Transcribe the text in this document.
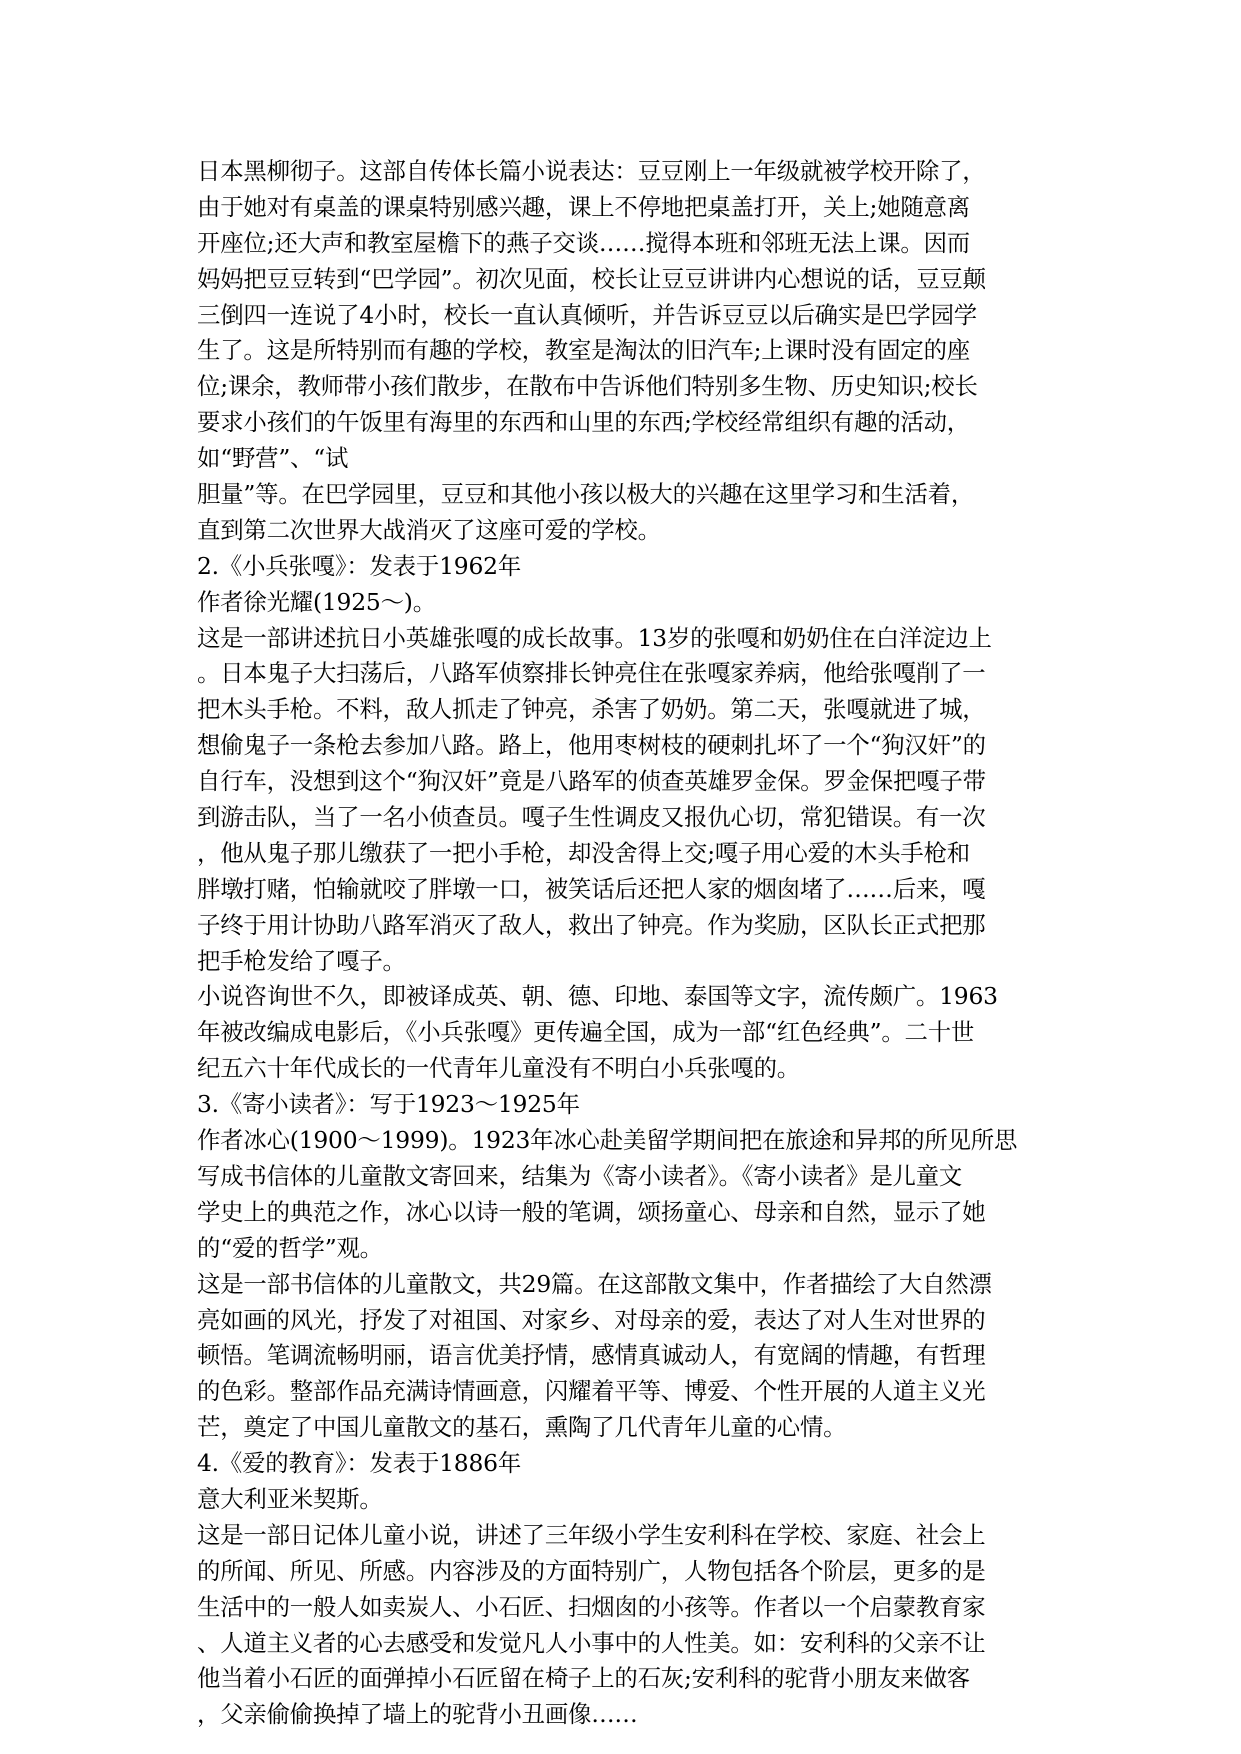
日本黑柳彻子。这部自传体长篇小说表达：豆豆刚上一年级就被学校开除了，
由于她对有桌盖的课桌特别感兴趣，课上不停地把桌盖打开，关上;她随意离
开座位;还大声和教室屋檐下的燕子交谈……搅得本班和邻班无法上课。因而
妈妈把豆豆转到“巴学园”。初次见面，校长让豆豆讲讲内心想说的话，豆豆颠
三倒四一连说了4小时，校长一直认真倾听，并告诉豆豆以后确实是巴学园学
生了。这是所特别而有趣的学校，教室是淘汰的旧汽车;上课时没有固定的座
位;课余，教师带小孩们散步，在散布中告诉他们特别多生物、历史知识;校长
要求小孩们的午饭里有海里的东西和山里的东西;学校经常组织有趣的活动，
如“野营”、“试
胆量”等。在巴学园里，豆豆和其他小孩以极大的兴趣在这里学习和生活着，
直到第二次世界大战消灭了这座可爱的学校。
2.《小兵张嘎》：发表于1962年
作者徐光耀(1925～)。
这是一部讲述抗日小英雄张嘎的成长故事。13岁的张嘎和奶奶住在白洋淀边上
。日本鬼子大扫荡后，八路军侦察排长钟亮住在张嘎家养病，他给张嘎削了一
把木头手枪。不料，敌人抓走了钟亮，杀害了奶奶。第二天，张嘎就进了城，
想偷鬼子一条枪去参加八路。路上，他用枣树枝的硬刺扎坏了一个“狗汉奸”的
自行车，没想到这个“狗汉奸”竟是八路军的侦查英雄罗金保。罗金保把嘎子带
到游击队，当了一名小侦查员。嘎子生性调皮又报仇心切，常犯错误。有一次
，他从鬼子那儿缴获了一把小手枪，却没舍得上交;嘎子用心爱的木头手枪和
胖墩打赌，怕输就咬了胖墩一口，被笑话后还把人家的烟囱堵了……后来，嘎
子终于用计协助八路军消灭了敌人，救出了钟亮。作为奖励，区队长正式把那
把手枪发给了嘎子。
小说咨询世不久，即被译成英、朝、德、印地、泰国等文字，流传颇广。1963
年被改编成电影后，《小兵张嘎》更传遍全国，成为一部“红色经典”。二十世
纪五六十年代成长的一代青年儿童没有不明白小兵张嘎的。
3.《寄小读者》：写于1923～1925年
作者冰心(1900～1999)。1923年冰心赴美留学期间把在旅途和异邦的所见所思
写成书信体的儿童散文寄回来，结集为《寄小读者》。《寄小读者》是儿童文
学史上的典范之作，冰心以诗一般的笔调，颂扬童心、母亲和自然，显示了她
的“爱的哲学”观。
这是一部书信体的儿童散文，共29篇。在这部散文集中，作者描绘了大自然漂
亮如画的风光，抒发了对祖国、对家乡、对母亲的爱，表达了对人生对世界的
顿悟。笔调流畅明丽，语言优美抒情，感情真诚动人，有宽阔的情趣，有哲理
的色彩。整部作品充满诗情画意，闪耀着平等、博爱、个性开展的人道主义光
芒，奠定了中国儿童散文的基石，熏陶了几代青年儿童的心情。
4.《爱的教育》：发表于1886年
意大利亚米契斯。
这是一部日记体儿童小说，讲述了三年级小学生安利科在学校、家庭、社会上
的所闻、所见、所感。内容涉及的方面特别广，人物包括各个阶层，更多的是
生活中的一般人如卖炭人、小石匠、扫烟囱的小孩等。作者以一个启蒙教育家
、人道主义者的心去感受和发觉凡人小事中的人性美。如：安利科的父亲不让
他当着小石匠的面弹掉小石匠留在椅子上的石灰;安利科的驼背小朋友来做客
，父亲偷偷换掉了墙上的驼背小丑画像……
